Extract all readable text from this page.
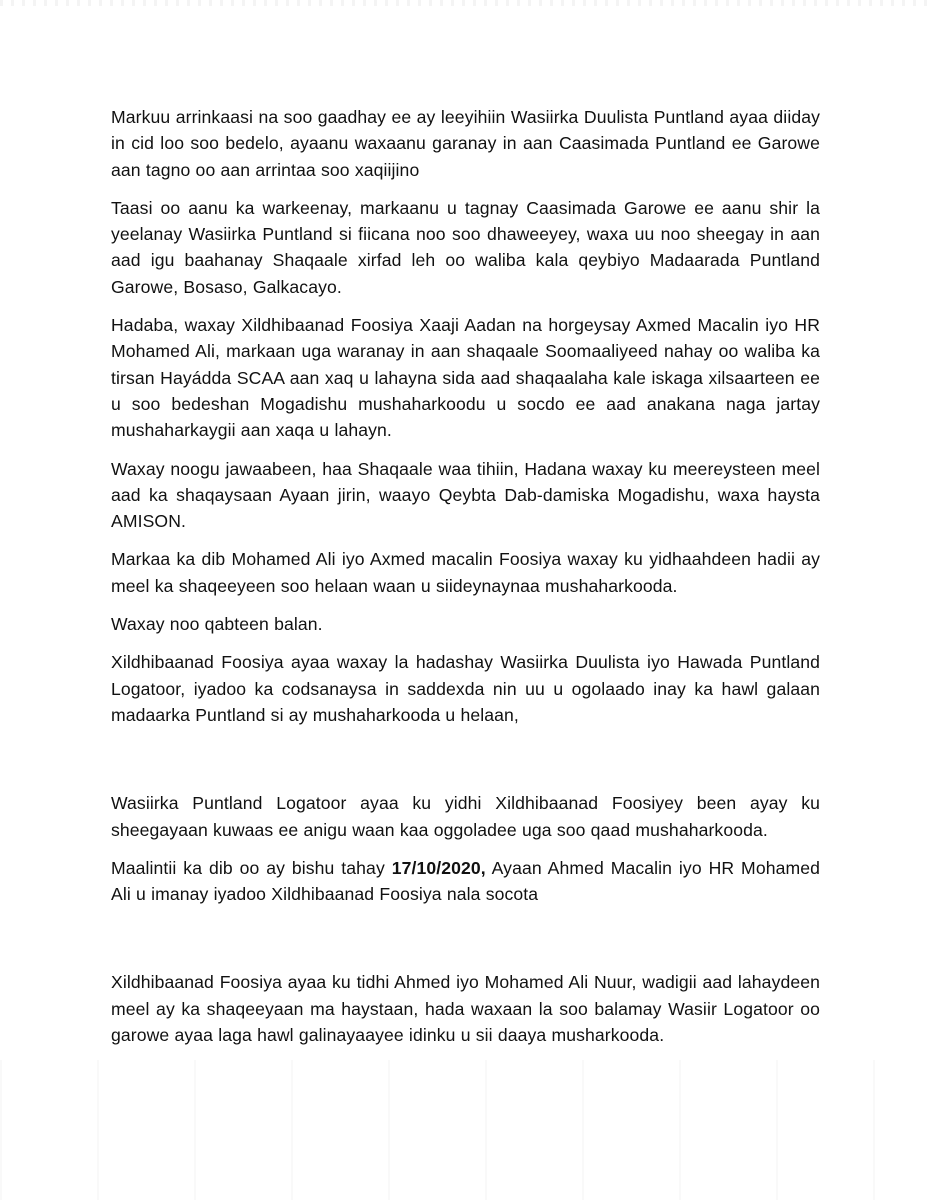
Markuu arrinkaasi na soo gaadhay ee ay leeyihiin Wasiirka Duulista Puntland ayaa diiday in cid loo soo bedelo, ayaanu waxaanu garanay in aan Caasimada Puntland ee Garowe aan tagno oo aan arrintaa soo xaqiijino

Taasi oo aanu ka warkeenay, markaanu u tagnay Caasimada Garowe ee aanu shir la yeelanay Wasiirka Puntland si fiicana noo soo dhaweeyey, waxa uu noo sheegay in aan aad igu baahanay Shaqaale xirfad leh oo waliba kala qeybiyo Madaarada Puntland Garowe, Bosaso, Galkacayo.

Hadaba, waxay Xildhibaanad Foosiya Xaaji Aadan na horgeysay Axmed Macalin iyo HR Mohamed Ali, markaan uga waranay in aan shaqaale Soomaaliyeed nahay oo waliba ka tirsan Hayádda SCAA aan xaq u lahayna sida aad shaqaalaha kale iskaga xilsaarteen ee u soo bedeshan Mogadishu mushaharkoodu u socdo ee aad anakana naga jartay mushaharkaygii aan xaqa u lahayn.

Waxay noogu jawaabeen, haa Shaqaale waa tihiin, Hadana waxay ku meereysteen meel aad ka shaqaysaan Ayaan jirin, waayo Qeybta Dab-damiska Mogadishu, waxa haysta AMISON.

Markaa ka dib Mohamed Ali iyo Axmed macalin Foosiya waxay ku yidhaahdeen hadii ay meel ka shaqeeyeen soo helaan waan u siideynaynaa mushaharkooda.

Waxay noo qabteen balan.

Xildhibaanad Foosiya ayaa waxay la hadashay Wasiirka Duulista iyo Hawada Puntland Logatoor, iyadoo ka codsanaysa in saddexda nin uu u ogolaado inay ka hawl galaan madaarka Puntland si ay mushaharkooda u helaan,

Wasiirka Puntland Logatoor ayaa ku yidhi Xildhibaanad Foosiyey been ayay ku sheegayaan kuwaas ee anigu waan kaa oggoladee uga soo qaad mushaharkooda.

Maalintii ka dib oo ay bishu tahay 17/10/2020, Ayaan Ahmed Macalin iyo HR Mohamed Ali u imanay iyadoo Xildhibaanad Foosiya nala socota

Xildhibaanad Foosiya ayaa ku tidhi Ahmed iyo Mohamed Ali Nuur, wadigii aad lahaydeen meel ay ka shaqeeyaan ma haystaan, hada waxaan la soo balamay Wasiir Logatoor oo garowe ayaa laga hawl galinayaayee idinku u sii daaya musharkooda.
